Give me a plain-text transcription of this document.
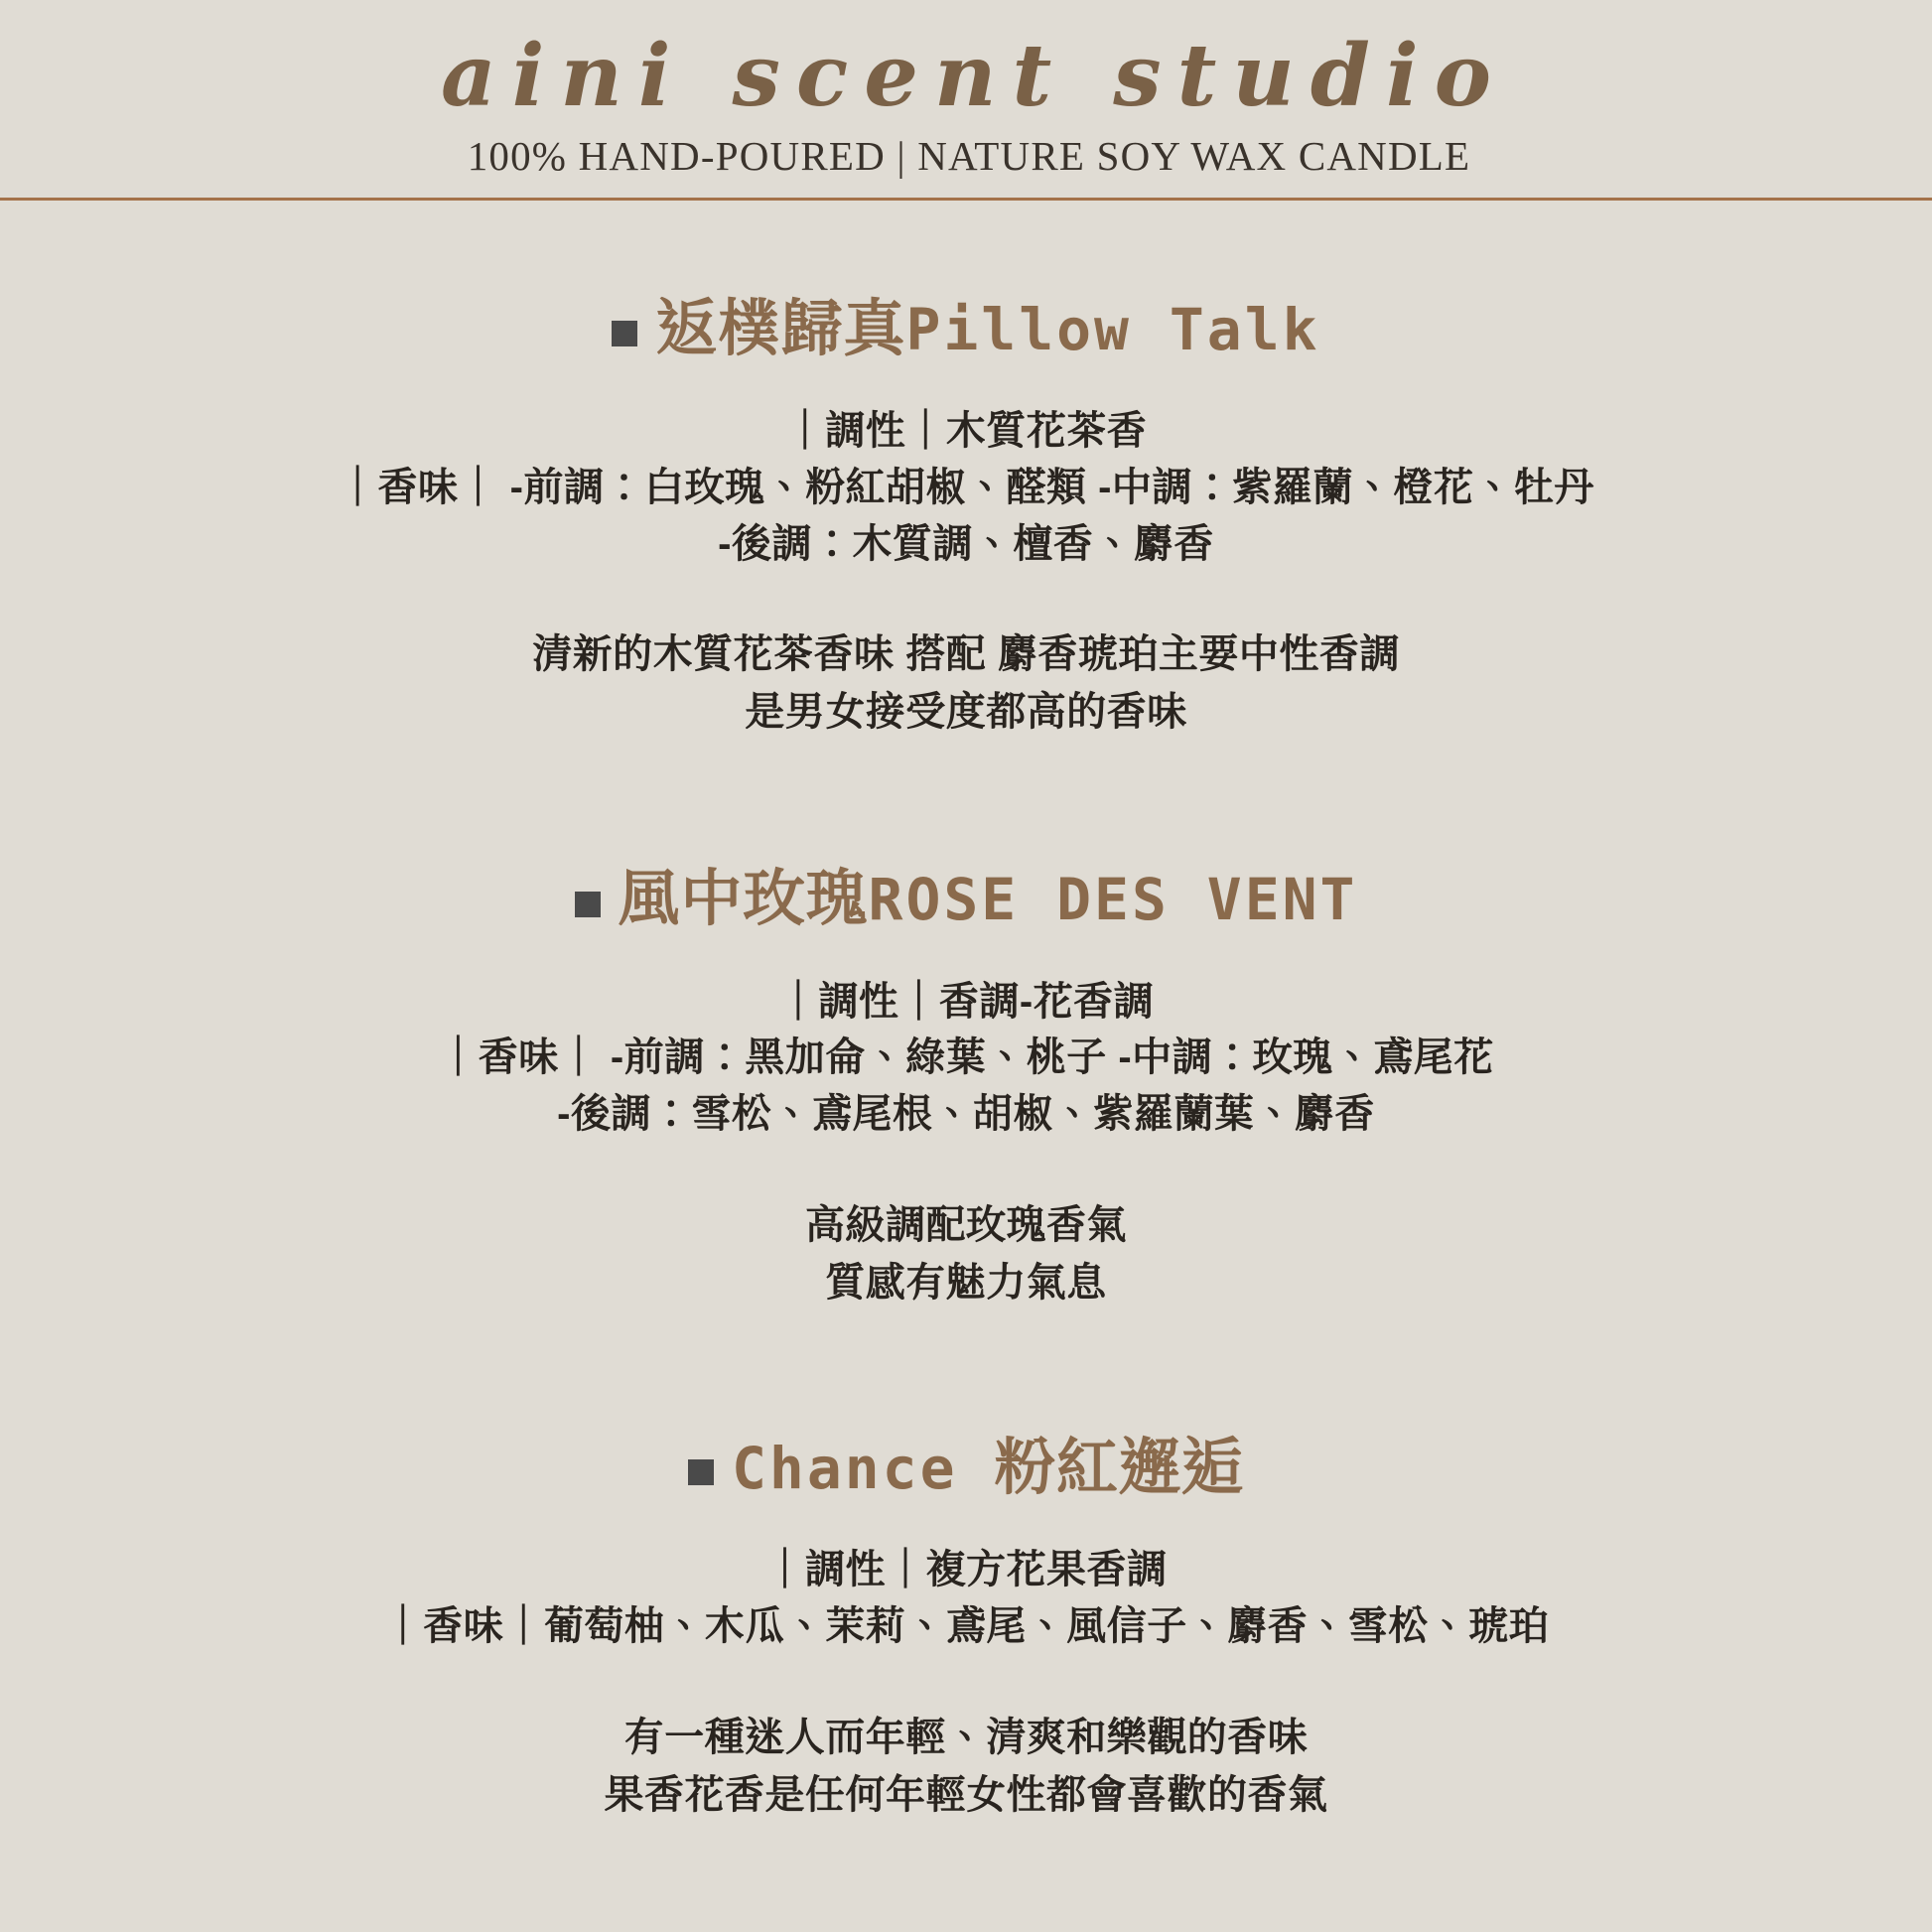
aini scent studio
100% HAND-POURED | NATURE SOY WAX CANDLE
返樸歸真Pillow Talk
｜調性｜木質花茶香
｜香味｜ -前調：白玫瑰、粉紅胡椒、醛類 -中調：紫羅蘭、橙花、牡丹
-後調：木質調、檀香、麝香
清新的木質花茶香味 搭配 麝香琥珀主要中性香調
是男女接受度都高的香味
風中玫瑰ROSE DES VENT
｜調性｜香調-花香調
｜香味｜ -前調：黑加侖、綠葉、桃子 -中調：玫瑰、鳶尾花
-後調：雪松、鳶尾根、胡椒、紫羅蘭葉、麝香
高級調配玫瑰香氣
質感有魅力氣息
Chance 粉紅邂逅
｜調性｜複方花果香調
｜香味｜葡萄柚、木瓜、茉莉、鳶尾、風信子、麝香、雪松、琥珀
有一種迷人而年輕、清爽和樂觀的香味
果香花香是任何年輕女性都會喜歡的香氣
